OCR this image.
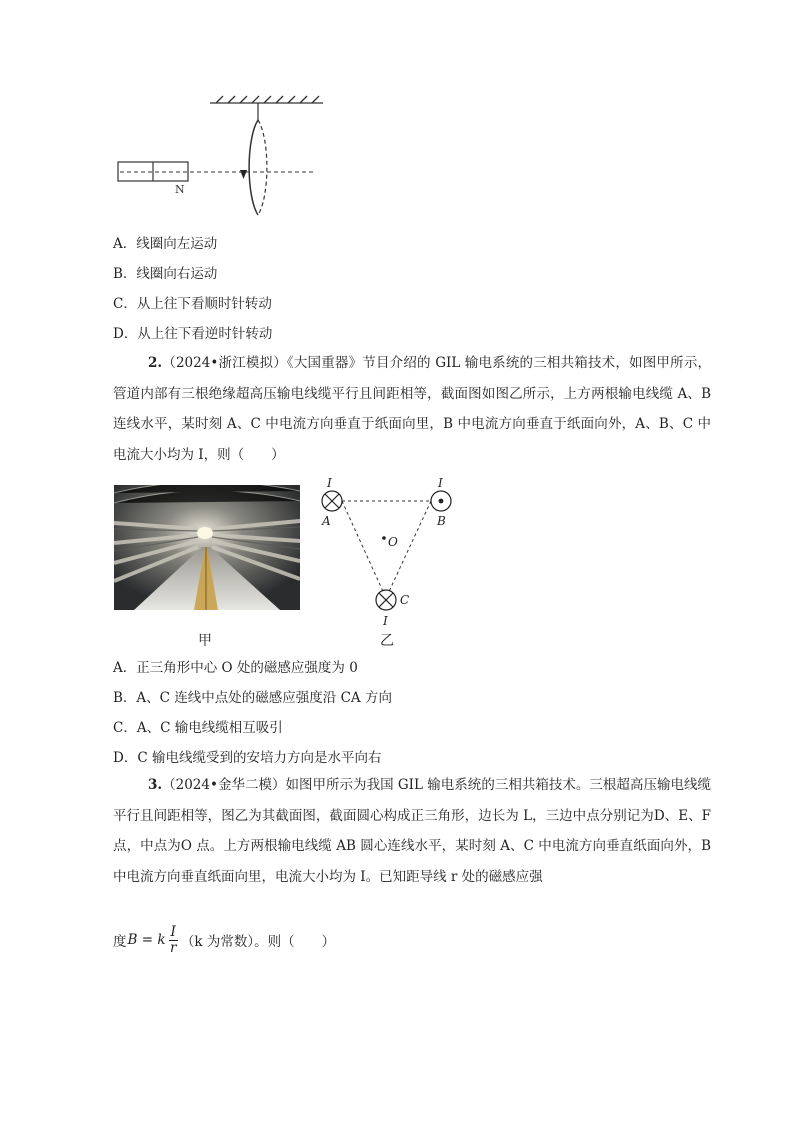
N
A．线圈向左运动
B．线圈向右运动
C．从上往下看顺时针转动
D．从上往下看逆时针转动
2.（2024•浙江模拟）《大国重器》节目介绍的 GIL 输电系统的三相共箱技术，如图甲所示，管道内部有三根绝缘超高压输电线缆平行且间距相等，截面图如图乙所示，上方两根输电线缆 A、B 连线水平，某时刻 A、C 中电流方向垂直于纸面向里，B 中电流方向垂直于纸面向外，A、B、C 中电流大小均为 I，则（　　）
甲
I	I
I
A	B
C
O
乙
A．正三角形中心 O 处的磁感应强度为 0
B．A、C 连线中点处的磁感应强度沿 CA 方向
C．A、C 输电线缆相互吸引
D．C 输电线缆受到的安培力方向是水平向右
3.（2024•金华二模）如图甲所示为我国 GIL 输电系统的三相共箱技术。三根超高压输电线缆平行且间距相等，图乙为其截面图，截面圆心构成正三角形，边长为 L，三边中点分别记为D、E、F 点，中点为O 点。上方两根输电线缆 AB 圆心连线水平，某时刻 A、C 中电流方向垂直纸面向外，B 中电流方向垂直纸面向里，电流大小均为 I。已知距导线 r 处的磁感应强
度 B = k $\frac{I}{r} (k$ 为常数）。则（　　）
